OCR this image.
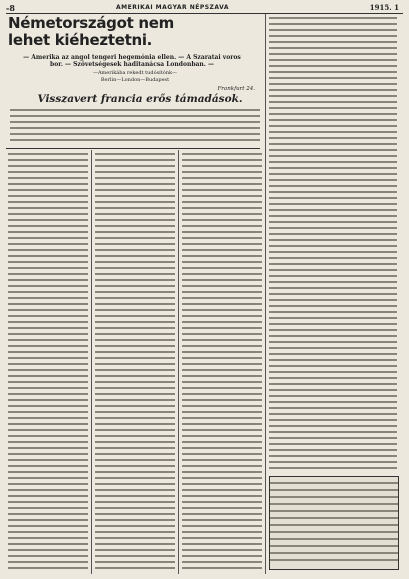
-8	AMERIKAI MAGYAR NÉPSZAVA	1915. 1
Németországot nem
lehet kiéheztetni.
— Amerika az angol tengeri hegemónia ellen. — A Szaratai voros
bor. — Szövetségesek haditanácsa Londonban. —
—Amerikába rekedt tudósítónk—
Berlin—London—Budapest
Frankfurt 24.
Visszavert francia erős támadások.
